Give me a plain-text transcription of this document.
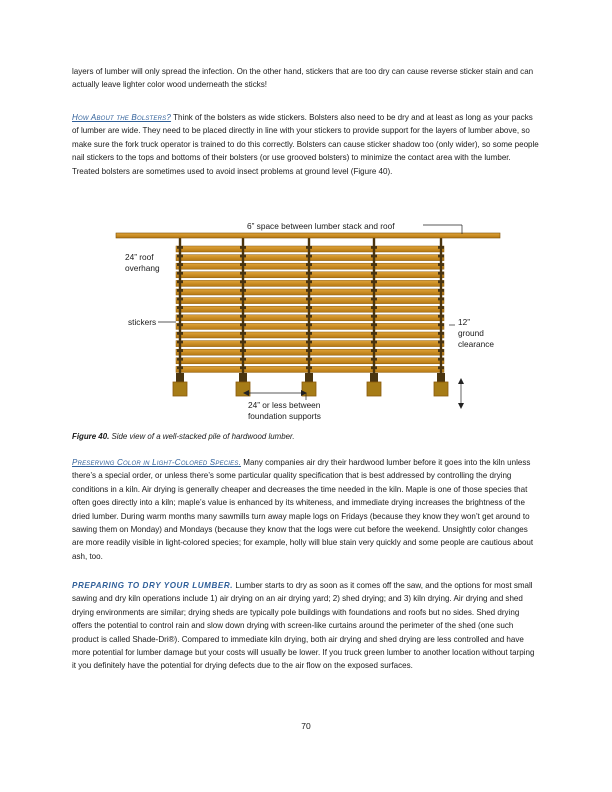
layers of lumber will only spread the infection. On the other hand, stickers that are too dry can cause reverse sticker stain and can actually leave lighter color wood underneath the sticks!

How About the Bolsters? Think of the bolsters as wide stickers. Bolsters also need to be dry and at least as long as your packs of lumber are wide. They need to be placed directly in line with your stickers to provide support for the layers of lumber above, so make sure the fork truck operator is trained to do this correctly. Bolsters can cause sticker shadow too (only wider), so some people nail stickers to the tops and bottoms of their bolsters (or use grooved bolsters) to minimize the contact area with the lumber. Treated bolsters are sometimes used to avoid insect problems at ground level (Figure 40).

6” space between lumber stack and roof
24” roof
overhang
stickers	12”
ground
clearance
24” or less between
foundation supports

Figure 40. Side view of a well-stacked pile of hardwood lumber.

Preserving Color in Light-Colored Species. Many companies air dry their hardwood lumber before it goes into the kiln unless there’s a special order, or unless there’s some particular quality specification that is best addressed by controlling the drying conditions in a kiln. Air drying is generally cheaper and decreases the time needed in the kiln. Maple is one of those species that often goes directly into a kiln; maple’s value is enhanced by its whiteness, and immediate drying increases the brightness of the dried lumber. During warm months many sawmills turn away maple logs on Fridays (because they know they won’t get around to sawing them on Monday) and Mondays (because they know that the logs were cut before the weekend. Unsightly color changes are more readily visible in light-colored species; for example, holly will blue stain very quickly and some people are cautious about ash, too.

PREPARING TO DRY YOUR LUMBER. Lumber starts to dry as soon as it comes off the saw, and the options for most small sawing and dry kiln operations include 1) air drying on an air drying yard; 2) shed drying; and 3) kiln drying. Air drying and shed drying environments are similar; drying sheds are typically pole buildings with foundations and roofs but no sides. Shed drying offers the potential to control rain and slow down drying with screen-like curtains around the perimeter of the shed (one such product is called Shade-Dri®). Compared to immediate kiln drying, both air drying and shed drying are less controlled and have more potential for lumber damage but your costs will usually be lower. If you truck green lumber to another location without tarping it you definitely have the potential for drying defects due to the air flow on the exposed surfaces.

70
